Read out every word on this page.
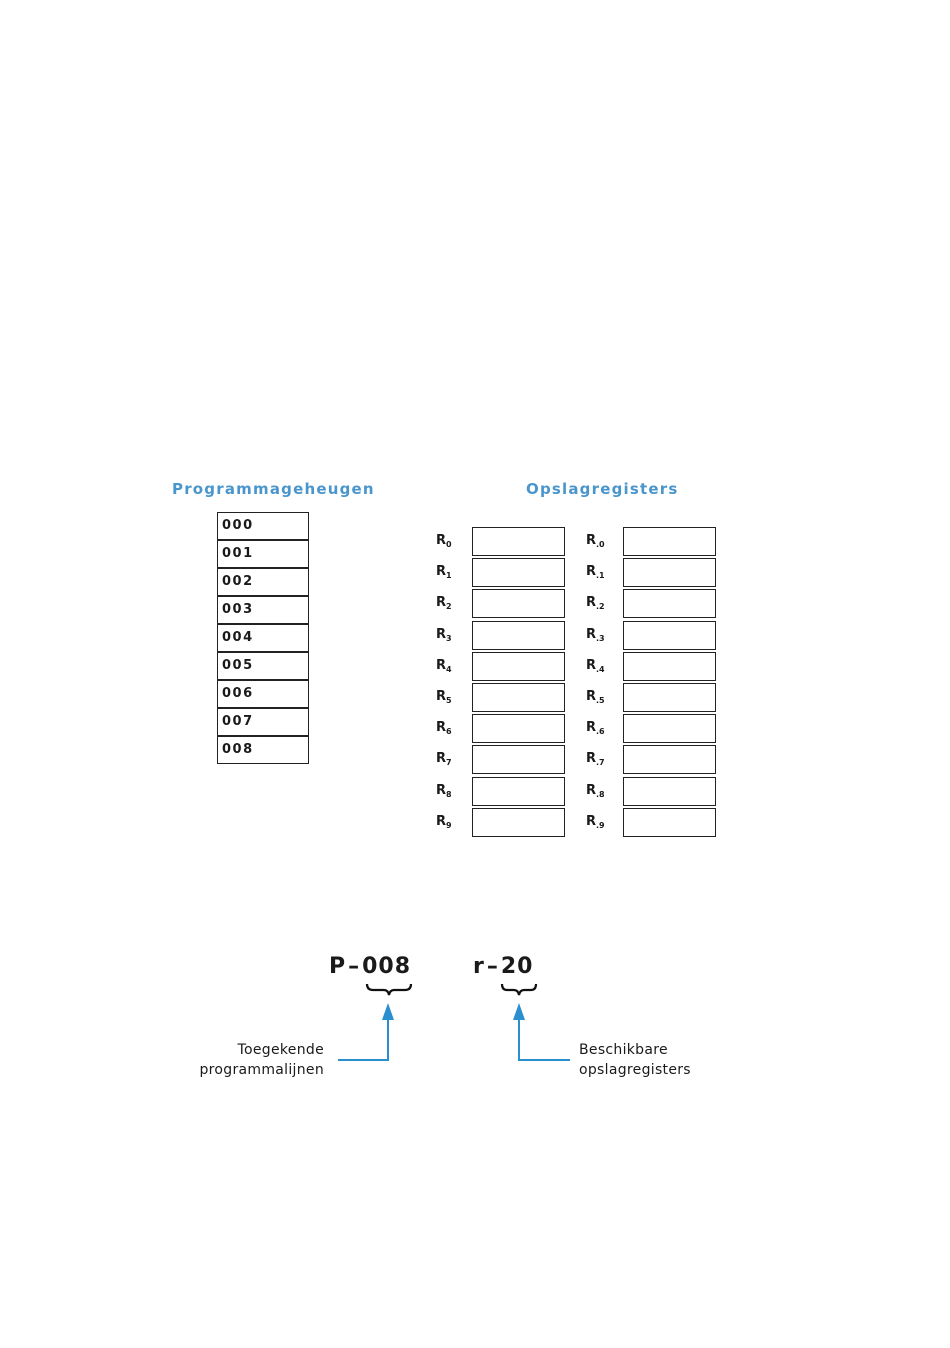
Programmageheugen	Opslagregisters
000
001
002
003
004
005
006
007
008
$R_0$
$R_1$
$R_2$
$R_3$
$R_4$
$R_5$
$R_6$
$R_7$
$R_8$
$R_9$
$R_{.0}$
$R_{.1}$
$R_{.2}$
$R_{.3}$
$R_{.4}$
$R_{.5}$
$R_{.6}$
$R_{.7}$
$R_{.8}$
$R_{.9}$
P–008	r–20
Toegekende
programmalijnen
Beschikbare
opslagregisters
